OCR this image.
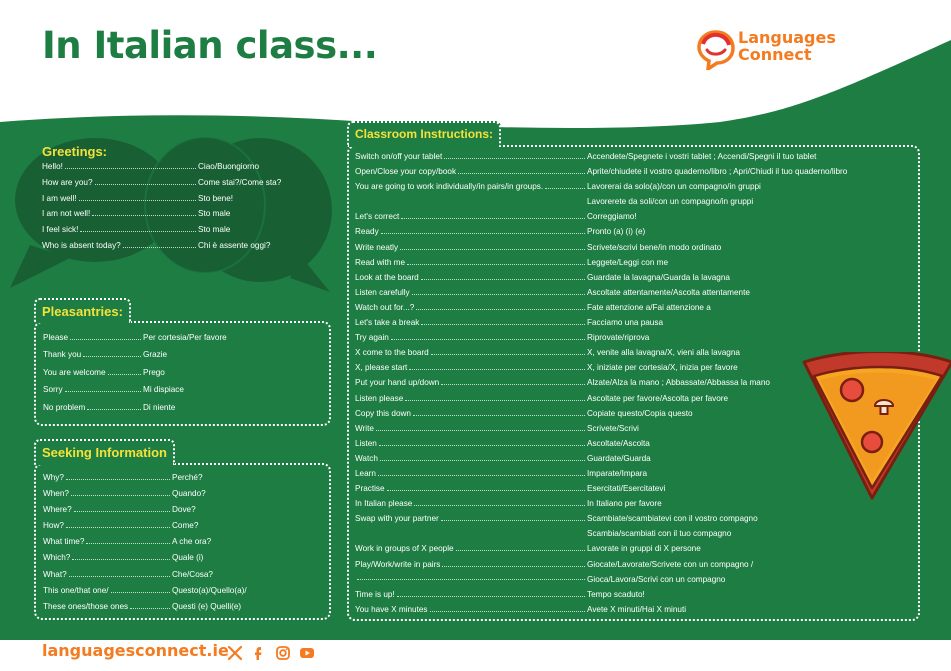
In Italian class...	Languages
Connect
Greetings:
Hello!	Ciao/Buongiorno
How are you?	Come stai?/Come sta?
I am well!	Sto bene!
I am not well!	Sto male
I feel sick!	Sto male
Who is absent today?	Chi è assente oggi?
Pleasantries:
Please	Per cortesia/Per favore
Thank you	Grazie
You are welcome	Prego
Sorry	Mi dispiace
No problem	Di niente
Seeking Information
Why?	Perché?
When?	Quando?
Where?	Dove?
How?	Come?
What time?	A che ora?
Which?	Quale (i)
What?	Che/Cosa?
This one/that one/	Questo(a)/Quello(a)/
These ones/those ones	Questi (e) Quelli(e)
Classroom Instructions:
Switch on/off your tablet	Accendete/Spegnete i vostri tablet ; Accendi/Spegni il tuo tablet
Open/Close your copy/book	Aprite/chiudete il vostro quaderno/libro ; Apri/Chiudi il tuo quaderno/libro
You are going to work individually/in pairs/in groups.	Lavorerai da solo(a)/con un compagno/in gruppi
Lavorerete da soli/con un compagno/in gruppi
Let's correct	Correggiamo!
Ready	Pronto (a) (i) (e)
Write neatly	Scrivete/scrivi bene/in modo ordinato
Read with me	Leggete/Leggi con me
Look at the board	Guardate la lavagna/Guarda la lavagna
Listen carefully	Ascoltate attentamente/Ascolta attentamente
Watch out for...?	Fate attenzione a/Fai attenzione a
Let's take a break	Facciamo una pausa
Try again	Riprovate/riprova
X come to the board	X, venite alla lavagna/X, vieni alla lavagna
X, please start	X, iniziate per cortesia/X, inizia per favore
Put your hand up/down	Alzate/Alza la mano ; Abbassate/Abbassa la mano
Listen please	Ascoltate per favore/Ascolta per favore
Copy this down	Copiate questo/Copia questo
Write	Scrivete/Scrivi
Listen	Ascoltate/Ascolta
Watch	Guardate/Guarda
Learn	Imparate/Impara
Practise	Esercitati/Esercitatevi
In Italian please	In Italiano per favore
Swap with your partner	Scambiate/scambiatevi con il vostro compagno
Scambia/scambiati con il tuo compagno
Work in groups of X people	Lavorate in gruppi di X persone
Play/Work/write in pairs	Giocate/Lavorate/Scrivete con un compagno /
Gioca/Lavora/Scrivi con un compagno
Time is up!	Tempo scaduto!
You have X minutes	Avete X minuti/Hai X minuti
languagesconnect.ie
